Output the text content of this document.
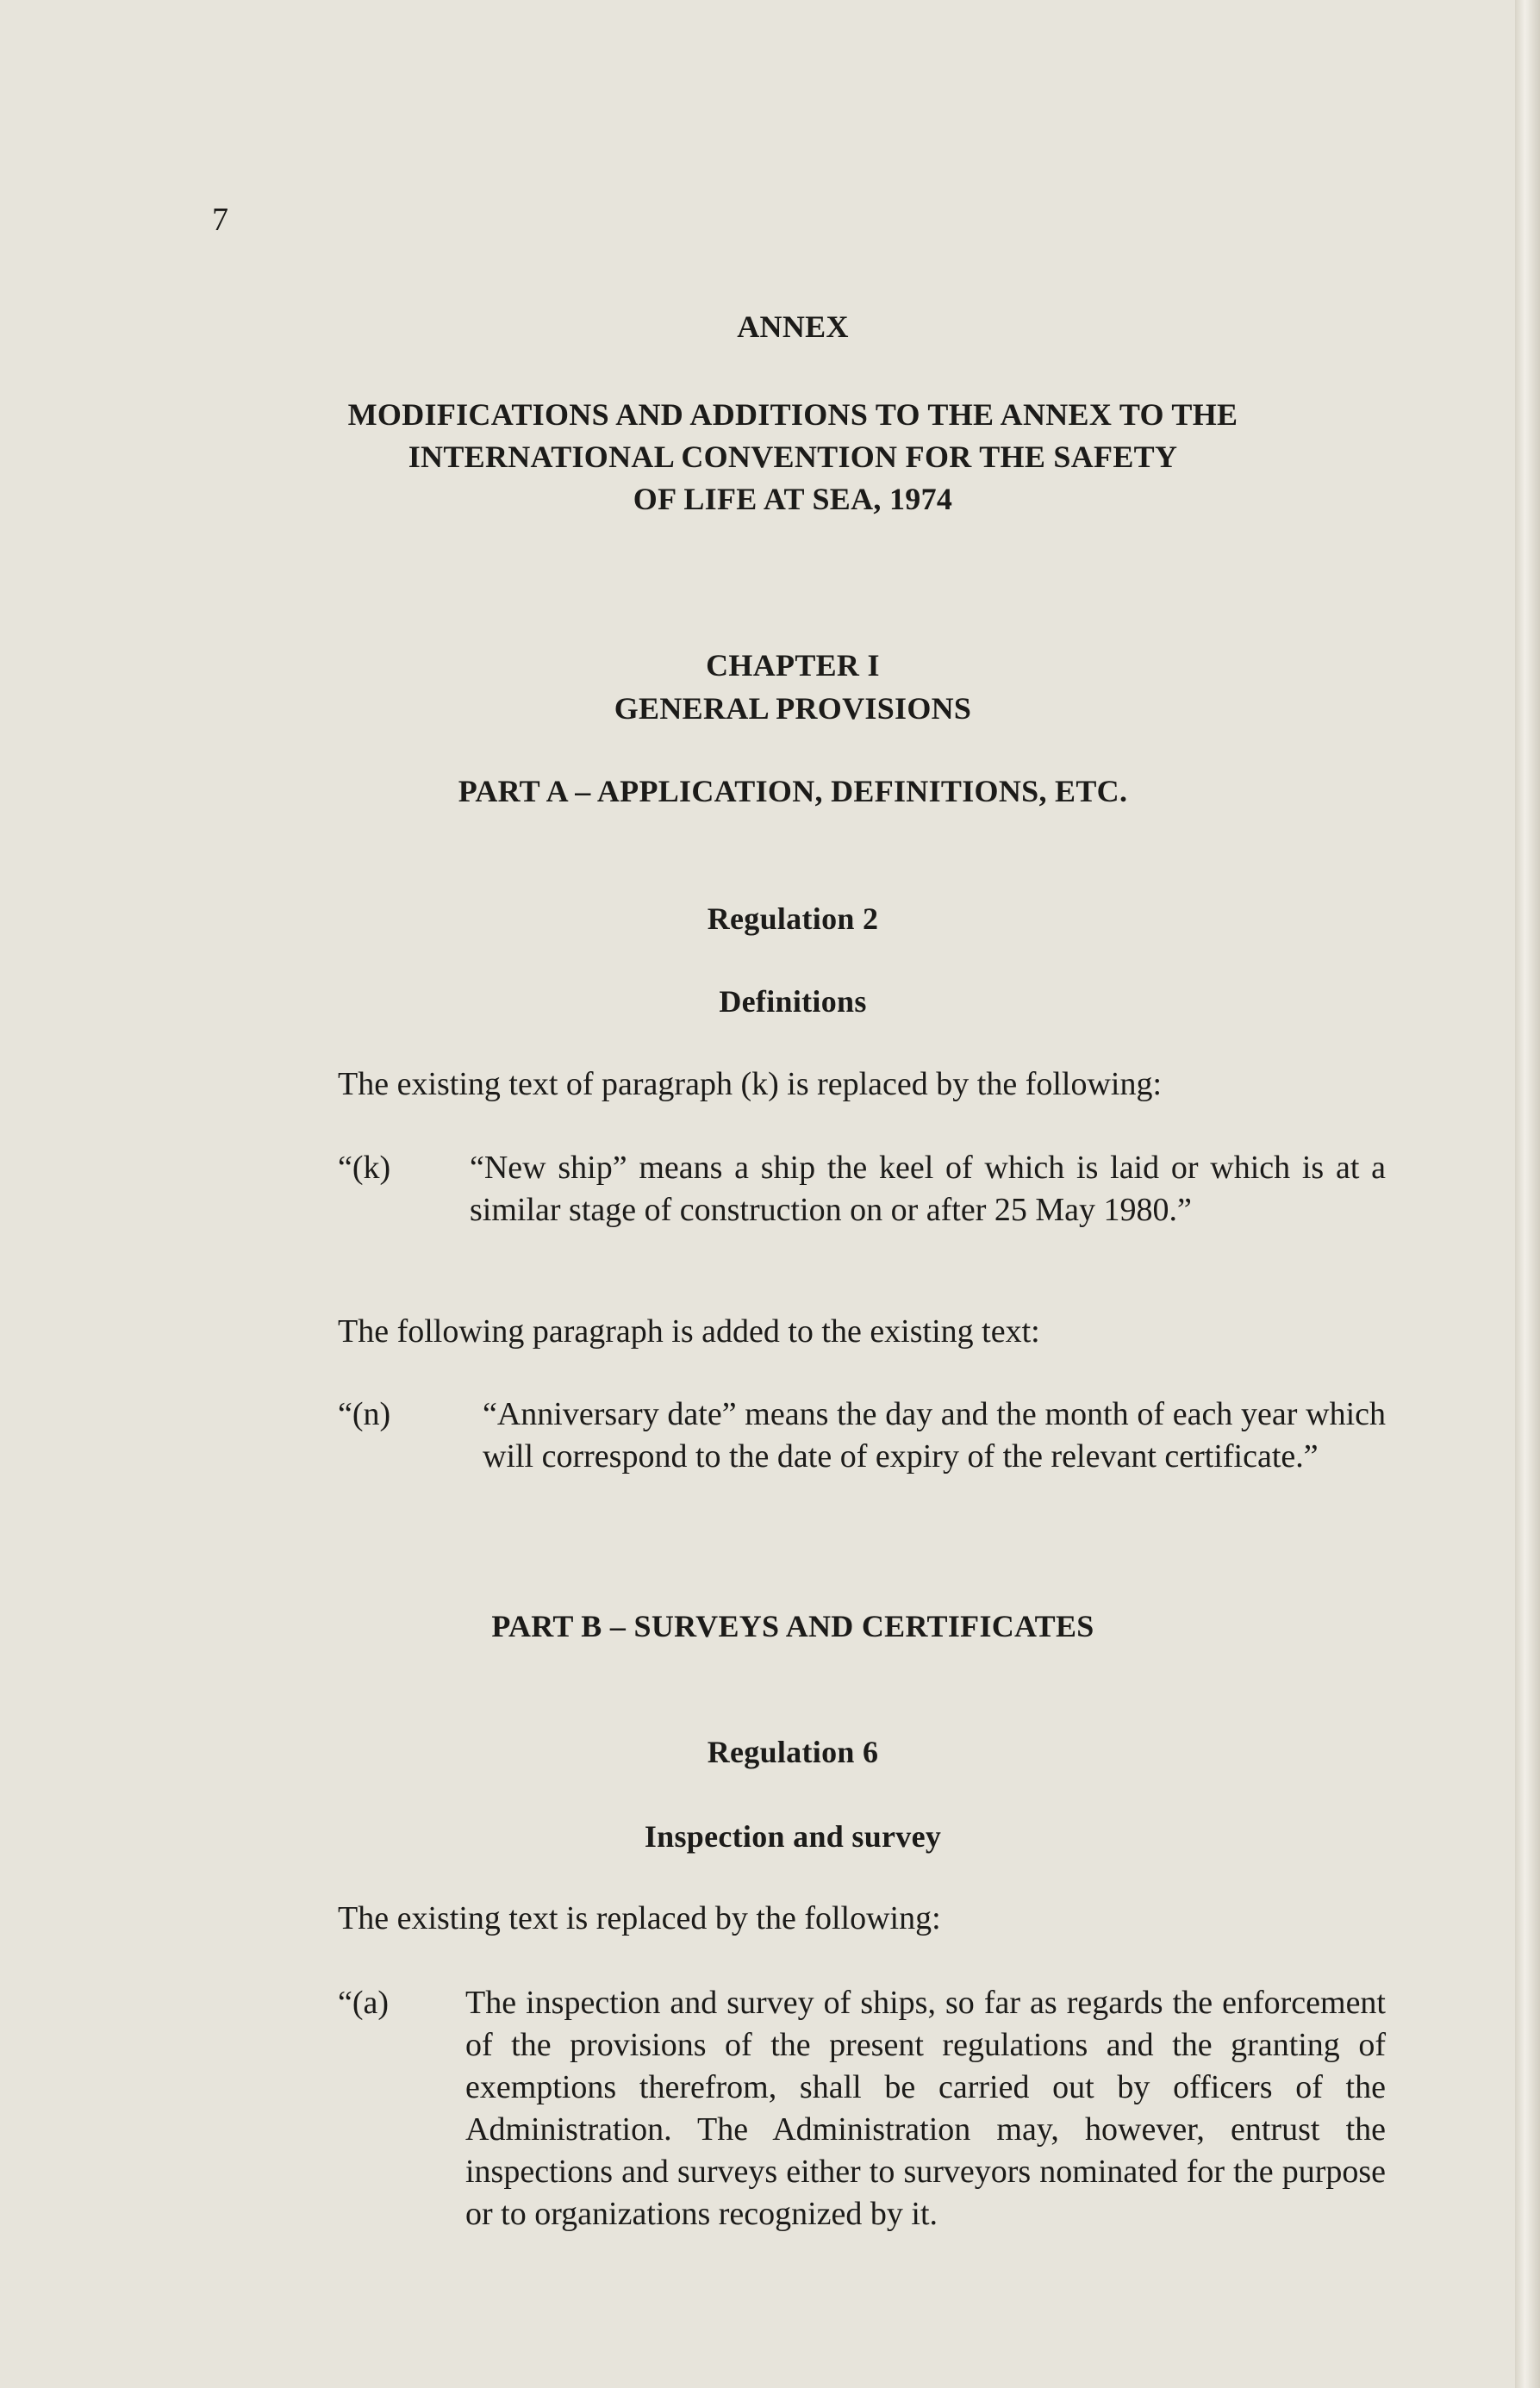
7
ANNEX
MODIFICATIONS AND ADDITIONS TO THE ANNEX TO THE
INTERNATIONAL CONVENTION FOR THE SAFETY
OF LIFE AT SEA, 1974
CHAPTER I
GENERAL PROVISIONS
PART A – APPLICATION, DEFINITIONS, ETC.
Regulation 2
Definitions
The existing text of paragraph (k) is replaced by the following:
“(k) “New ship” means a ship the keel of which is laid or which is at a similar stage of construction on or after 25 May 1980.”
The following paragraph is added to the existing text:
“(n)	“Anniversary date” means the day and the month of each year which will correspond to the date of expiry of the relevant certificate.”
PART B – SURVEYS AND CERTIFICATES
Regulation 6
Inspection and survey
The existing text is replaced by the following:
“(a) The inspection and survey of ships, so far as regards the enforcement of the provisions of the present regulations and the granting of exemptions therefrom, shall be carried out by officers of the Administration. The Administration may, however, entrust the inspections and surveys either to surveyors nominated for the purpose or to organizations recognized by it.
